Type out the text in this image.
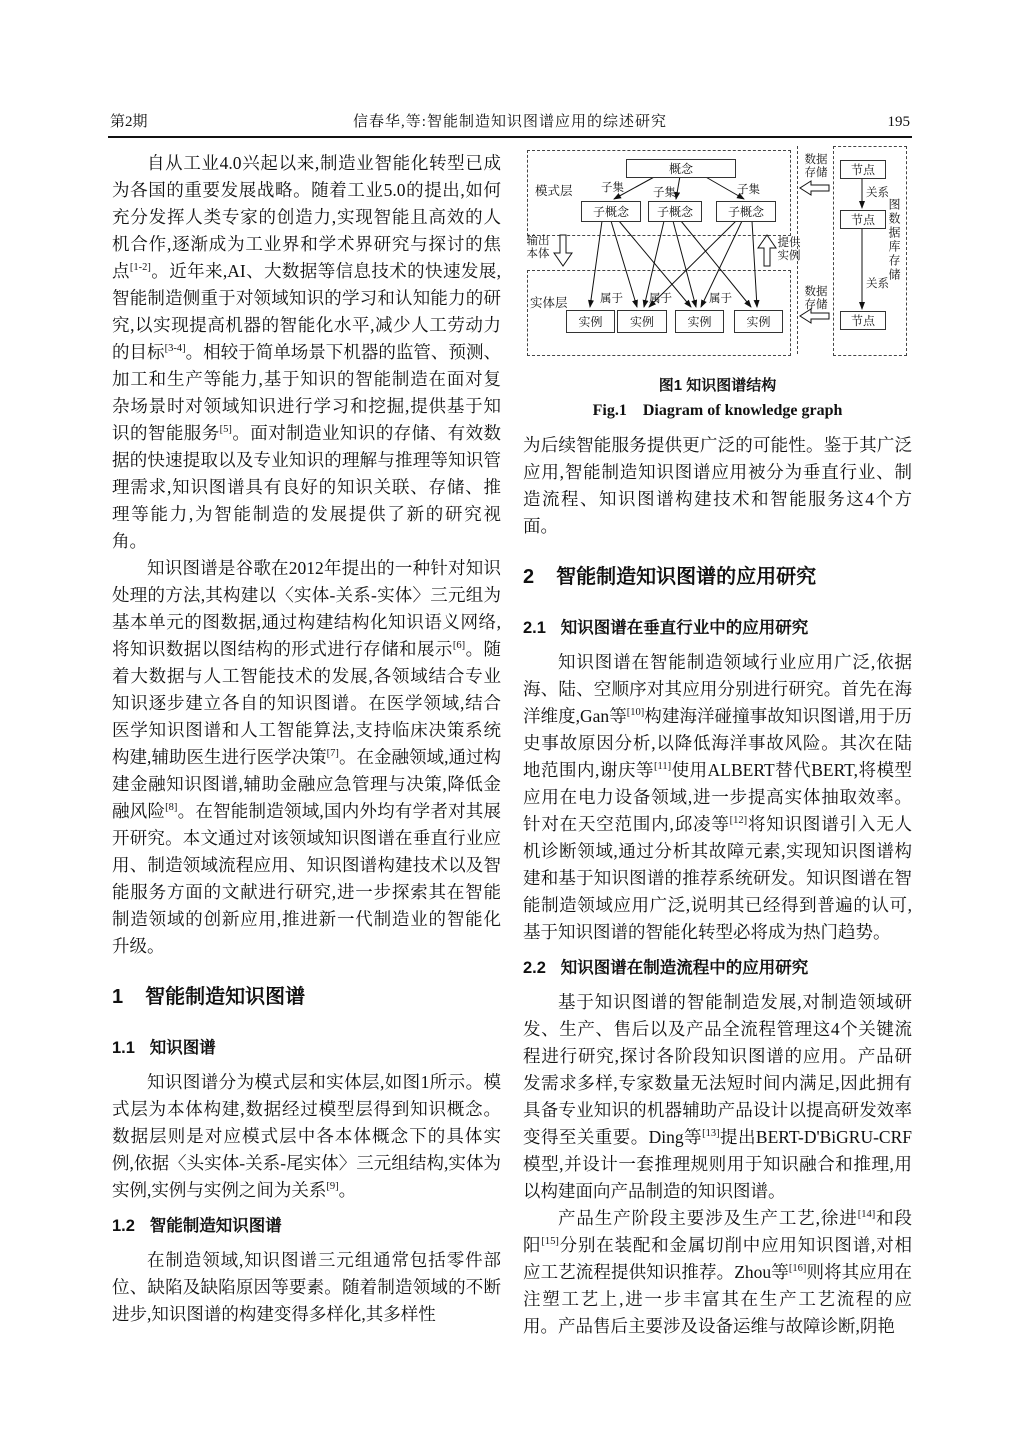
第2期	信春华,等:智能制造知识图谱应用的综述研究	195

自从工业4.0兴起以来,制造业智能化转型已成为各国的重要发展战略。随着工业5.0的提出,如何充分发挥人类专家的创造力,实现智能且高效的人机合作,逐渐成为工业界和学术界研究与探讨的焦点[1-2]。近年来,AI、大数据等信息技术的快速发展,智能制造侧重于对领域知识的学习和认知能力的研究,以实现提高机器的智能化水平,减少人工劳动力的目标[3-4]。相较于简单场景下机器的监管、预测、加工和生产等能力,基于知识的智能制造在面对复杂场景时对领域知识进行学习和挖掘,提供基于知识的智能服务[5]。面对制造业知识的存储、有效数据的快速提取以及专业知识的理解与推理等知识管理需求,知识图谱具有良好的知识关联、存储、推理等能力,为智能制造的发展提供了新的研究视角。

知识图谱是谷歌在2012年提出的一种针对知识处理的方法,其构建以〈实体-关系-实体〉三元组为基本单元的图数据,通过构建结构化知识语义网络,将知识数据以图结构的形式进行存储和展示[6]。随着大数据与人工智能技术的发展,各领域结合专业知识逐步建立各自的知识图谱。在医学领域,结合医学知识图谱和人工智能算法,支持临床决策系统构建,辅助医生进行医学决策[7]。在金融领域,通过构建金融知识图谱,辅助金融应急管理与决策,降低金融风险[8]。在智能制造领域,国内外均有学者对其展开研究。本文通过对该领域知识图谱在垂直行业应用、制造领域流程应用、知识图谱构建技术以及智能服务方面的文献进行研究,进一步探索其在智能制造领域的创新应用,推进新一代制造业的智能化升级。

1 智能制造知识图谱
1.1 知识图谱

知识图谱分为模式层和实体层,如图1所示。模式层为本体构建,数据经过模型层得到知识概念。数据层则是对应模式层中各本体概念下的具体实例,依据〈头实体-关系-尾实体〉三元组结构,实体为实例,实例与实例之间为关系[9]。

1.2 智能制造知识图谱

在制造领域,知识图谱三元组通常包括零件部位、缺陷及缺陷原因等要素。随着制造领域的不断进步,知识图谱的构建变得多样化,其多样性

概念
子概念 子概念	子概念
实例 实例	实例	实例
节点
节点
节点
模式层
实体层
子集	子集	子集
属于 属于	属于
输出本体
提供实例
数据存储
数据存储
关系
关系
图数据库存储
图1 知识图谱结构
Fig.1　Diagram of knowledge graph

为后续智能服务提供更广泛的可能性。鉴于其广泛应用,智能制造知识图谱应用被分为垂直行业、制造流程、知识图谱构建技术和智能服务这4个方面。

2 智能制造知识图谱的应用研究
2.1 知识图谱在垂直行业中的应用研究

知识图谱在智能制造领域行业应用广泛,依据海、陆、空顺序对其应用分别进行研究。首先在海洋维度,Gan等[10]构建海洋碰撞事故知识图谱,用于历史事故原因分析,以降低海洋事故风险。其次在陆地范围内,谢庆等[11]使用ALBERT替代BERT,将模型应用在电力设备领域,进一步提高实体抽取效率。针对在天空范围内,邱凌等[12]将知识图谱引入无人机诊断领域,通过分析其故障元素,实现知识图谱构建和基于知识图谱的推荐系统研发。知识图谱在智能制造领域应用广泛,说明其已经得到普遍的认可,基于知识图谱的智能化转型必将成为热门趋势。

2.2 知识图谱在制造流程中的应用研究

基于知识图谱的智能制造发展,对制造领域研发、生产、售后以及产品全流程管理这4个关键流程进行研究,探讨各阶段知识图谱的应用。产品研发需求多样,专家数量无法短时间内满足,因此拥有具备专业知识的机器辅助产品设计以提高研发效率变得至关重要。Ding等[13]提出BERT-D'BiGRU-CRF模型,并设计一套推理规则用于知识融合和推理,用以构建面向产品制造的知识图谱。

产品生产阶段主要涉及生产工艺,徐进[14]和段阳[15]分别在装配和金属切削中应用知识图谱,对相应工艺流程提供知识推荐。Zhou等[16]则将其应用在注塑工艺上,进一步丰富其在生产工艺流程的应用。产品售后主要涉及设备运维与故障诊断,阴艳
